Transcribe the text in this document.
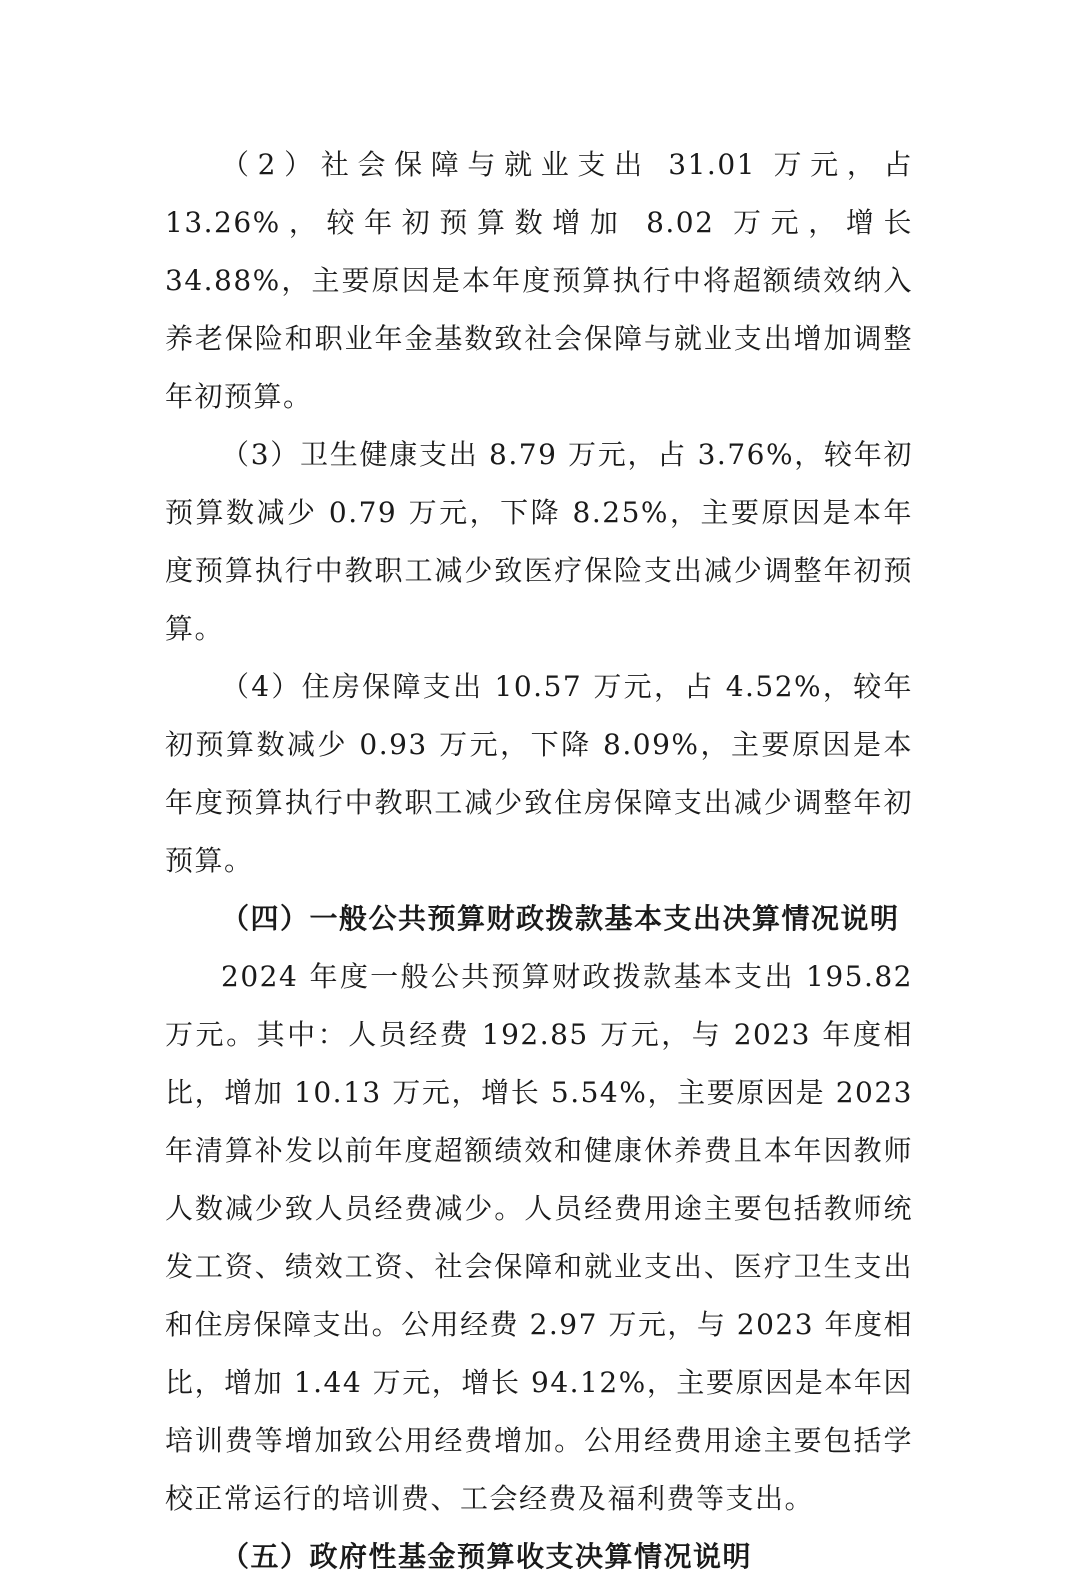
（2）社会保障与就业支出 31.01 万元，占 13.26%，较年初预算数增加 8.02 万元，增长 34.88%，主要原因是本年度预算执行中将超额绩效纳入养老保险和职业年金基数致社会保障与就业支出增加调整年初预算。

（3）卫生健康支出 8.79 万元，占 3.76%，较年初预算数减少 0.79 万元，下降 8.25%，主要原因是本年度预算执行中教职工减少致医疗保险支出减少调整年初预算。

（4）住房保障支出 10.57 万元，占 4.52%，较年初预算数减少 0.93 万元，下降 8.09%，主要原因是本年度预算执行中教职工减少致住房保障支出减少调整年初预算。

（四）一般公共预算财政拨款基本支出决算情况说明

2024 年度一般公共预算财政拨款基本支出 195.82 万元。其中：人员经费 192.85 万元，与 2023 年度相比，增加 10.13 万元，增长 5.54%，主要原因是 2023 年清算补发以前年度超额绩效和健康休养费且本年因教师人数减少致人员经费减少。人员经费用途主要包括教师统发工资、绩效工资、社会保障和就业支出、医疗卫生支出和住房保障支出。公用经费 2.97 万元，与 2023 年度相比，增加 1.44 万元，增长 94.12%，主要原因是本年因培训费等增加致公用经费增加。公用经费用途主要包括学校正常运行的培训费、工会经费及福利费等支出。

（五）政府性基金预算收支决算情况说明
